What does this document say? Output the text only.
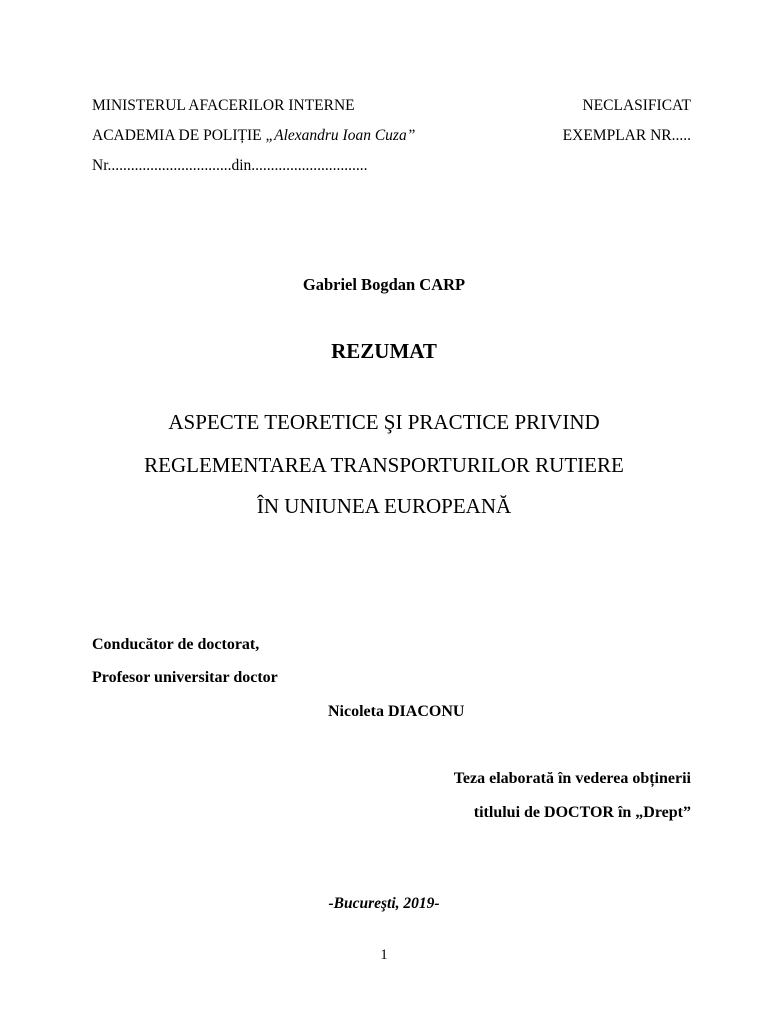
MINISTERUL AFACERILOR INTERNE	NECLASIFICAT
ACADEMIA DE POLIȚIE „Alexandru Ioan Cuza”	EXEMPLAR NR.....
Nr................................din..............................
Gabriel Bogdan CARP
REZUMAT
ASPECTE TEORETICE ŞI PRACTICE PRIVIND
REGLEMENTAREA TRANSPORTURILOR RUTIERE
ÎN UNIUNEA EUROPEANĂ
Conducător de doctorat,
Profesor universitar doctor
Nicoleta DIACONU
Teza elaborată în vederea obținerii
titlului de DOCTOR în „Drept”
-Bucureşti, 2019-
1
